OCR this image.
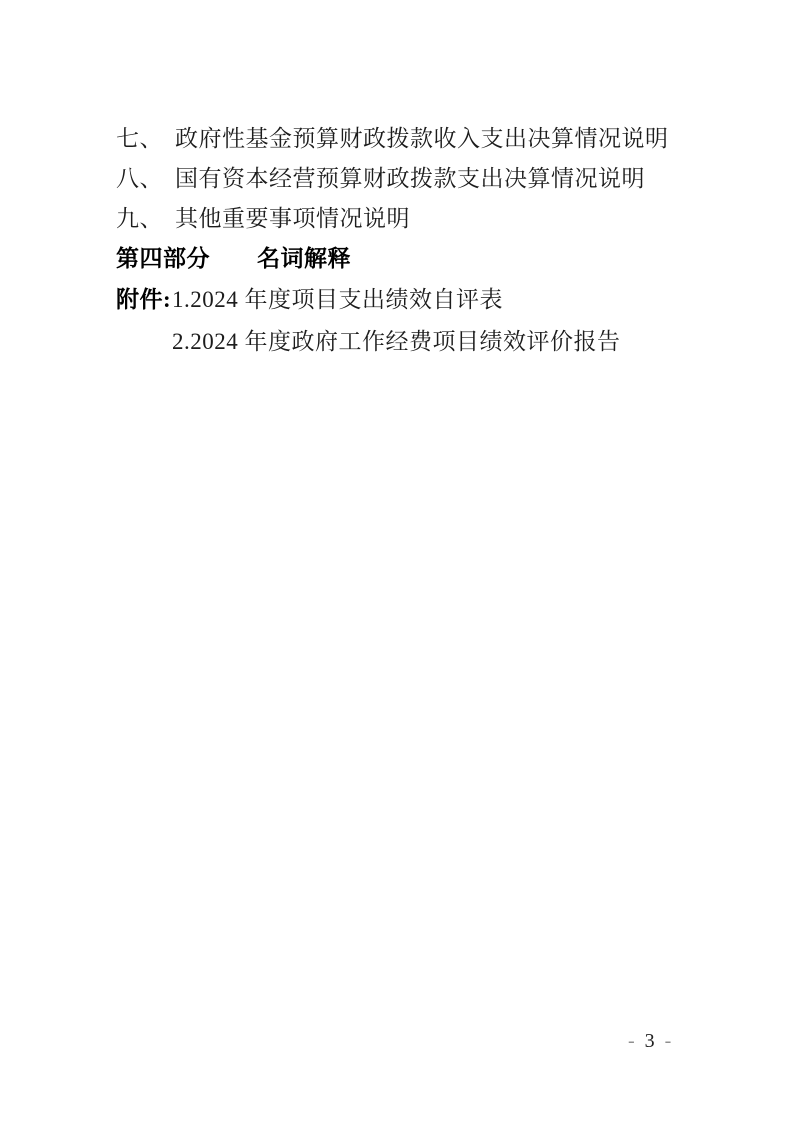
七、　政府性基金预算财政拨款收入支出决算情况说明
八、　国有资本经营预算财政拨款支出决算情况说明
九、　其他重要事项情况说明
第四部分　　名词解释
附件: 1.2024 年度项目支出绩效自评表
2.2024 年度政府工作经费项目绩效评价报告
- 3 -
